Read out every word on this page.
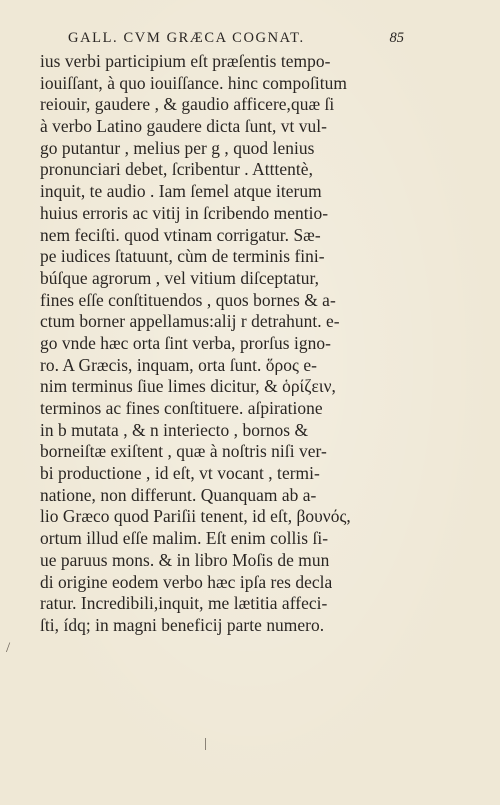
GALL. CVM GRÆCA COGNAT.	85
ius verbi participium eſt præſentis tempo-
iouiſſant, à quo iouiſſance. hinc compoſitum
reiouir, gaudere , & gaudio afficere,quæ ſi
à verbo Latino gaudere dicta ſunt, vt vul-
go putantur , melius per g , quod lenius
pronunciari debet, ſcribentur . Atttentè,
inquit, te audio . Iam ſemel atque iterum
huius erroris ac vitij in ſcribendo mentio-
nem feciſti. quod vtinam corrigatur. Sæ-
pe iudices ſtatuunt, cùm de terminis fini-
búſque agrorum , vel vitium diſceptatur,
fines eſſe conſtituendos , quos bornes & a-
ctum borner appellamus:alij r detrahunt. e-
go vnde hæc orta ſint verba, prorſus igno-
ro. A Græcis, inquam, orta ſunt. ὅρος e-
nim terminus ſiue limes dicitur, & ὁρίζειν,
terminos ac fines conſtituere. aſpiratione
in b mutata , & n interiecto , bornos &
borneiſtæ exiſtent , quæ à noſtris niſi ver-
bi productione , id eſt, vt vocant , termi-
natione, non differunt. Quanquam ab a-
lio Græco quod Pariſii tenent, id eſt, βουνός,
ortum illud eſſe malim. Eſt enim collis ſi-
ue paruus mons. & in libro Moſis de mun
di origine eodem verbo hæc ipſa res decla
ratur. Incredibili,inquit, me lætitia affeci-
ſti, ídq; in magni beneficij parte numero.
/
